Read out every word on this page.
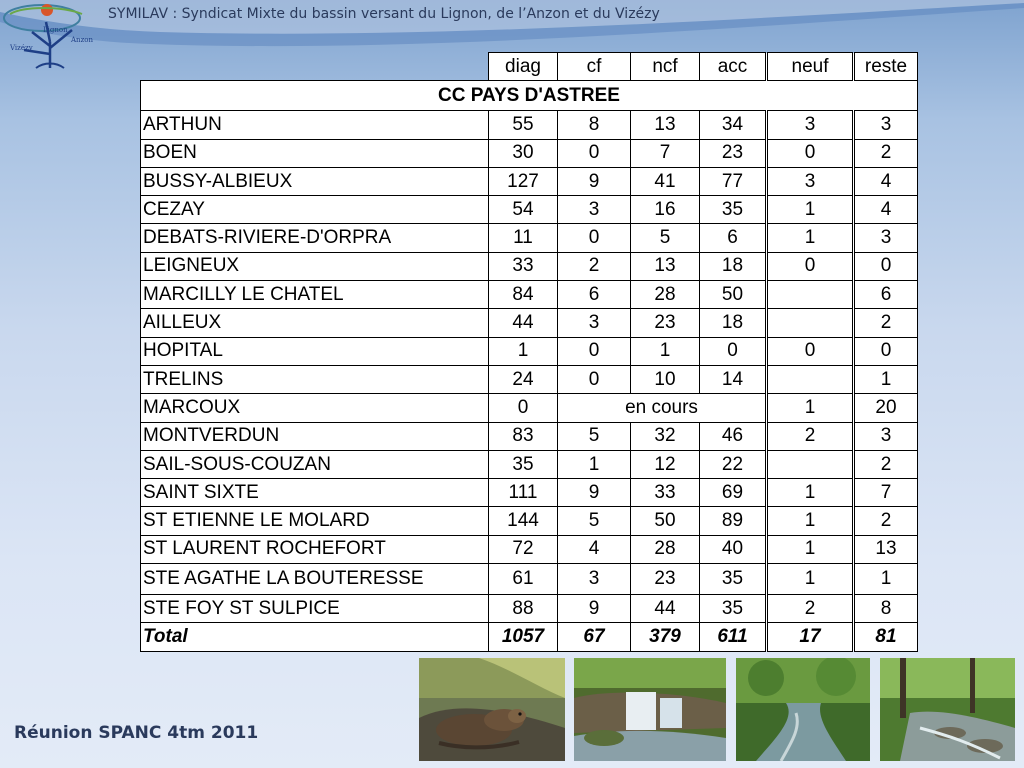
Lignon
Anzon
Vizézy
SYMILAV : Syndicat Mixte du bassin versant du Lignon, de l’Anzon et du Vizézy
	diag	cf	ncf	acc	neuf	reste
CC PAYS D'ASTREE						
ARTHUN	55	8	13	34	3	3
BOEN	30	0	7	23	0	2
BUSSY-ALBIEUX	127	9	41	77	3	4
CEZAY	54	3	16	35	1	4
DEBATS-RIVIERE-D'ORPRA	11	0	5	6	1	3
LEIGNEUX	33	2	13	18	0	0
MARCILLY LE CHATEL	84	6	28	50		6
AILLEUX	44	3	23	18		2
HOPITAL	1	0	1	0	0	0
TRELINS	24	0	10	14		1
MARCOUX	0	en cours			1	20
MONTVERDUN	83	5	32	46	2	3
SAIL-SOUS-COUZAN	35	1	12	22		2
SAINT SIXTE	111	9	33	69	1	7
ST ETIENNE LE MOLARD	144	5	50	89	1	2
ST LAURENT ROCHEFORT	72	4	28	40	1	13
STE AGATHE LA BOUTERESSE	61	3	23	35	1	1
STE FOY ST SULPICE	88	9	44	35	2	8
Total	1057	67	379	611	17	81
Réunion SPANC 4tm 2011
